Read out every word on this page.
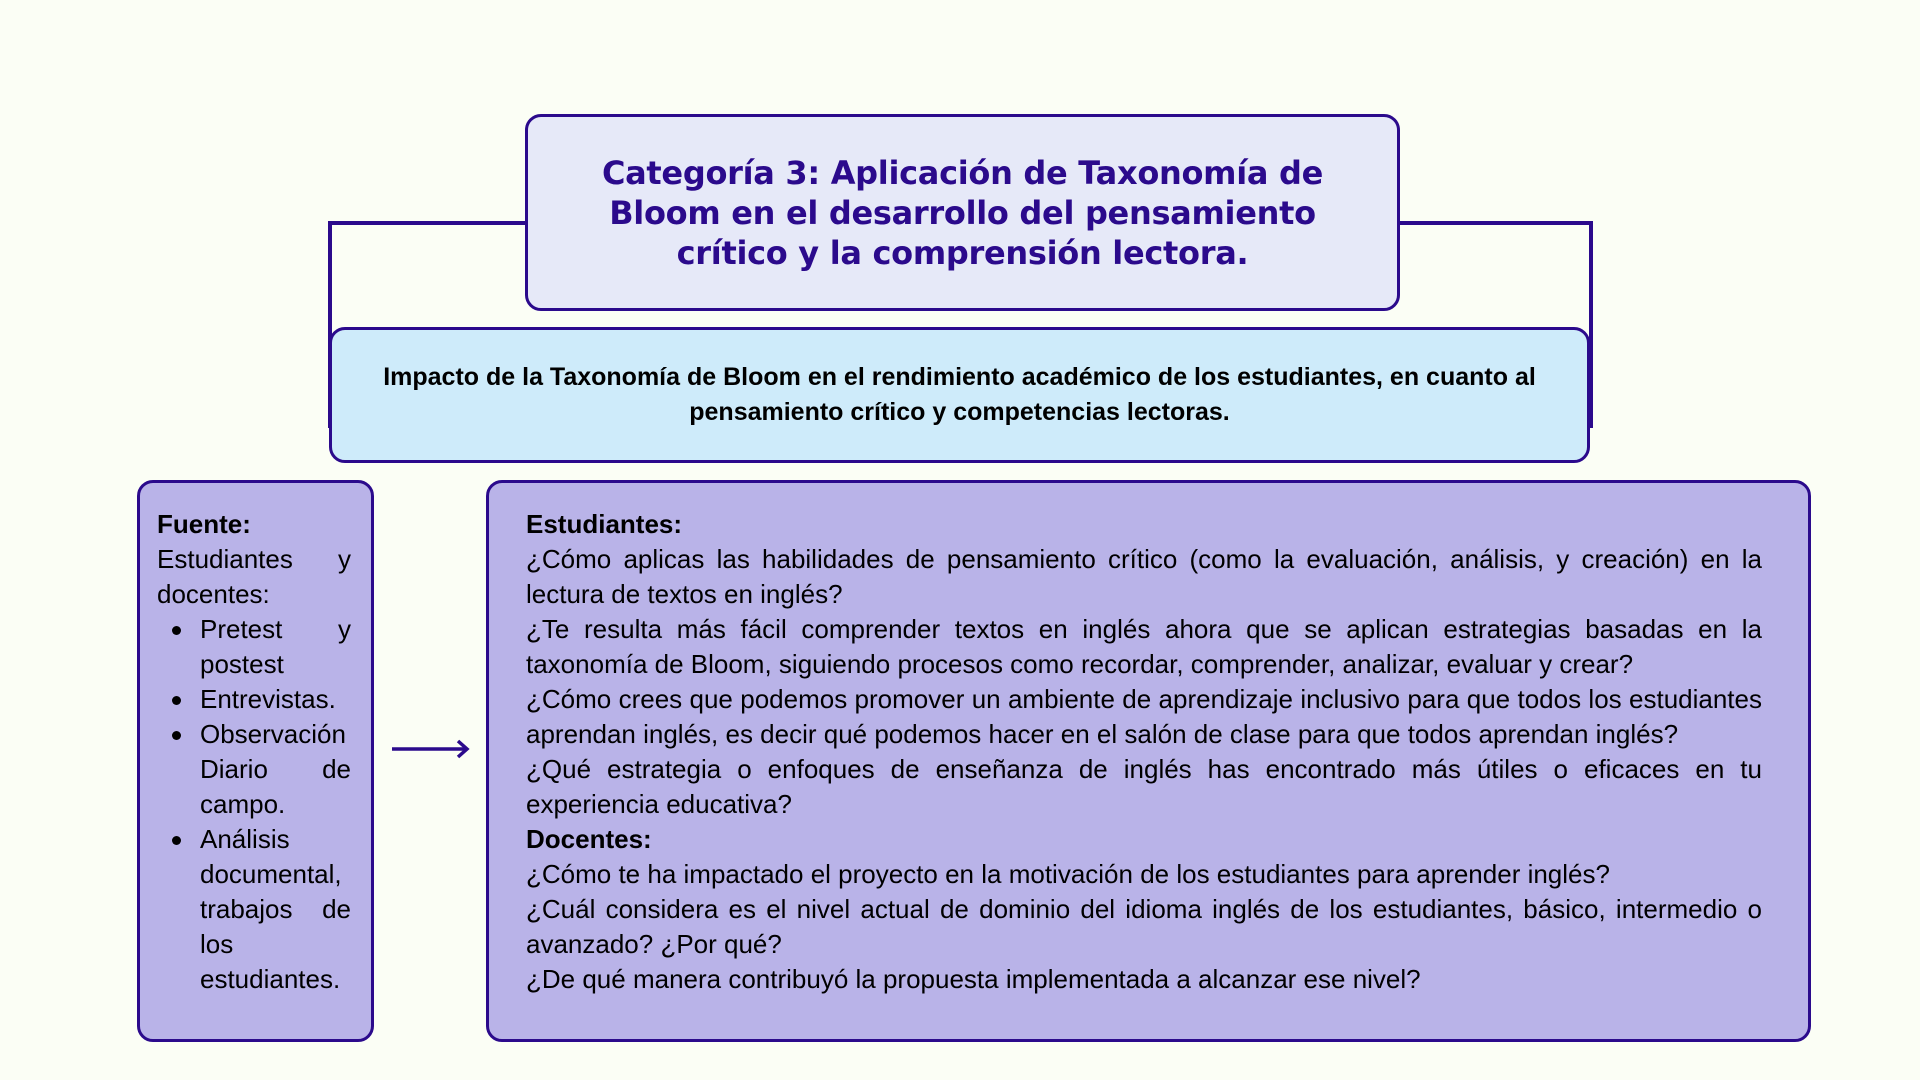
Categoría 3: Aplicación de Taxonomía de Bloom en el desarrollo del pensamiento crítico y la comprensión lectora.

Impacto de la Taxonomía de Bloom en el rendimiento académico de los estudiantes, en cuanto al pensamiento crítico y competencias lectoras.

Fuente:
Estudiantes y
docentes:
Pretest y
postest
Entrevistas.
Observación
Diario de
campo.
Análisis
documental,
trabajos de
los estudiantes.
Estudiantes:
¿Cómo aplicas las habilidades de pensamiento crítico (como la evaluación, análisis, y creación) en la lectura de textos en inglés?
¿Te resulta más fácil comprender textos en inglés ahora que se aplican estrategias basadas en la taxonomía de Bloom, siguiendo procesos como recordar, comprender, analizar, evaluar y crear?
¿Cómo crees que podemos promover un ambiente de aprendizaje inclusivo para que todos los estudiantes aprendan inglés, es decir qué podemos hacer en el salón de clase para que todos aprendan inglés?
¿Qué estrategia o enfoques de enseñanza de inglés has encontrado más útiles o eficaces en tu experiencia educativa?
Docentes:
¿Cómo te ha impactado el proyecto en la motivación de los estudiantes para aprender inglés?
¿Cuál considera es el nivel actual de dominio del idioma inglés de los estudiantes, básico, intermedio o avanzado? ¿Por qué?
¿De qué manera contribuyó la propuesta implementada a alcanzar ese nivel?
